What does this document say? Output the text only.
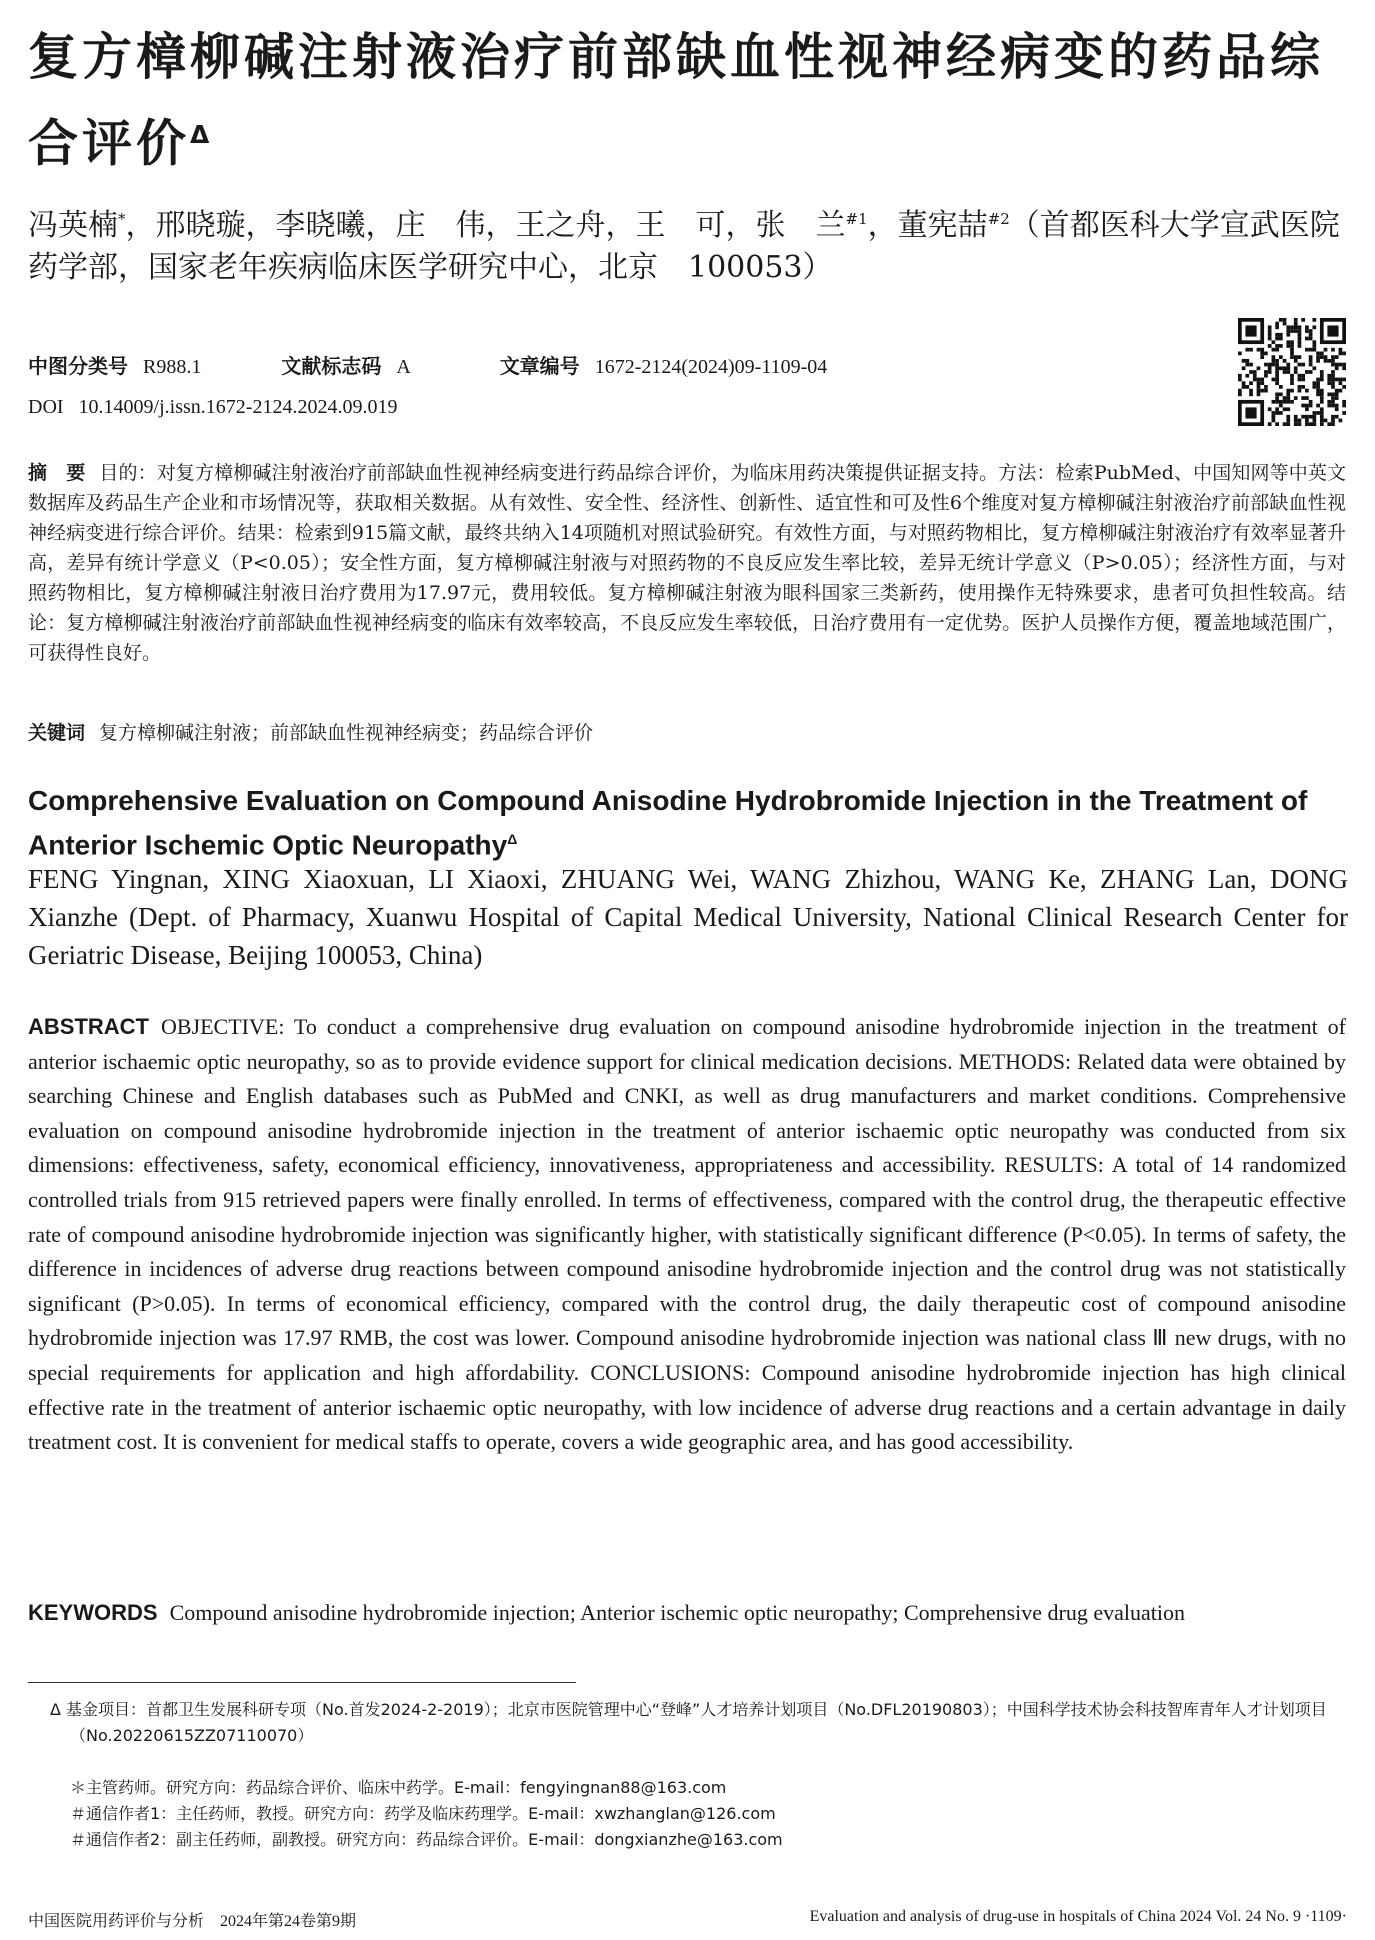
复方樟柳碱注射液治疗前部缺血性视神经病变的药品综合评价$^\Delta$
冯英楠*，邢晓璇，李晓曦，庄　伟，王之舟，王　可，张　兰$^{\#1}$，董宪喆$^{\#2}$（首都医科大学宣武医院药学部，国家老年疾病临床医学研究中心，北京　100053）
中图分类号 R988.1	文献标志码 A	文章编号 1672-2124(2024)09-1109-04
DOI 10.14009/j.issn.1672-2124.2024.09.019
摘　要 目的：对复方樟柳碱注射液治疗前部缺血性视神经病变进行药品综合评价，为临床用药决策提供证据支持。方法：检索PubMed、中国知网等中英文数据库及药品生产企业和市场情况等，获取相关数据。从有效性、安全性、经济性、创新性、适宜性和可及性6个维度对复方樟柳碱注射液治疗前部缺血性视神经病变进行综合评价。结果：检索到915篇文献，最终共纳入14项随机对照试验研究。有效性方面，与对照药物相比，复方樟柳碱注射液治疗有效率显著升高，差异有统计学意义（P<0.05）；安全性方面，复方樟柳碱注射液与对照药物的不良反应发生率比较，差异无统计学意义（P>0.05）；经济性方面，与对照药物相比，复方樟柳碱注射液日治疗费用为17.97元，费用较低。复方樟柳碱注射液为眼科国家三类新药，使用操作无特殊要求，患者可负担性较高。结论：复方樟柳碱注射液治疗前部缺血性视神经病变的临床有效率较高，不良反应发生率较低，日治疗费用有一定优势。医护人员操作方便，覆盖地域范围广，可获得性良好。
关键词 复方樟柳碱注射液；前部缺血性视神经病变；药品综合评价
Comprehensive Evaluation on Compound Anisodine Hydrobromide Injection in the Treatment of Anterior Ischemic Optic Neuropathy$^\Delta$
FENG Yingnan, XING Xiaoxuan, LI Xiaoxi, ZHUANG Wei, WANG Zhizhou, WANG Ke, ZHANG Lan, DONG Xianzhe (Dept. of Pharmacy, Xuanwu Hospital of Capital Medical University, National Clinical Research Center for Geriatric Disease, Beijing 100053, China)
ABSTRACT OBJECTIVE: To conduct a comprehensive drug evaluation on compound anisodine hydrobromide injection in the treatment of anterior ischaemic optic neuropathy, so as to provide evidence support for clinical medication decisions. METHODS: Related data were obtained by searching Chinese and English databases such as PubMed and CNKI, as well as drug manufacturers and market conditions. Comprehensive evaluation on compound anisodine hydrobromide injection in the treatment of anterior ischaemic optic neuropathy was conducted from six dimensions: effectiveness, safety, economical efficiency, innovativeness, appropriateness and accessibility. RESULTS: A total of 14 randomized controlled trials from 915 retrieved papers were finally enrolled. In terms of effectiveness, compared with the control drug, the therapeutic effective rate of compound anisodine hydrobromide injection was significantly higher, with statistically significant difference (P<0.05). In terms of safety, the difference in incidences of adverse drug reactions between compound anisodine hydrobromide injection and the control drug was not statistically significant (P>0.05). In terms of economical efficiency, compared with the control drug, the daily therapeutic cost of compound anisodine hydrobromide injection was 17.97 RMB, the cost was lower. Compound anisodine hydrobromide injection was national class Ⅲ new drugs, with no special requirements for application and high affordability. CONCLUSIONS: Compound anisodine hydrobromide injection has high clinical effective rate in the treatment of anterior ischaemic optic neuropathy, with low incidence of adverse drug reactions and a certain advantage in daily treatment cost. It is convenient for medical staffs to operate, covers a wide geographic area, and has good accessibility.
KEYWORDS Compound anisodine hydrobromide injection; Anterior ischemic optic neuropathy; Comprehensive drug evaluation
Δ 基金项目：首都卫生发展科研专项（No.首发2024-2-2019）；北京市医院管理中心“登峰”人才培养计划项目（No.DFL20190803）；中国科学技术协会科技智库青年人才计划项目（No.20220615ZZ07110070）
＊主管药师。研究方向：药品综合评价、临床中药学。E-mail：fengyingnan88@163.com
＃通信作者1：主任药师，教授。研究方向：药学及临床药理学。E-mail：xwzhanglan@126.com
＃通信作者2：副主任药师，副教授。研究方向：药品综合评价。E-mail：dongxianzhe@163.com
中国医院用药评价与分析　2024年第24卷第9期	Evaluation and analysis of drug-use in hospitals of China 2024 Vol. 24 No. 9 ·1109·
